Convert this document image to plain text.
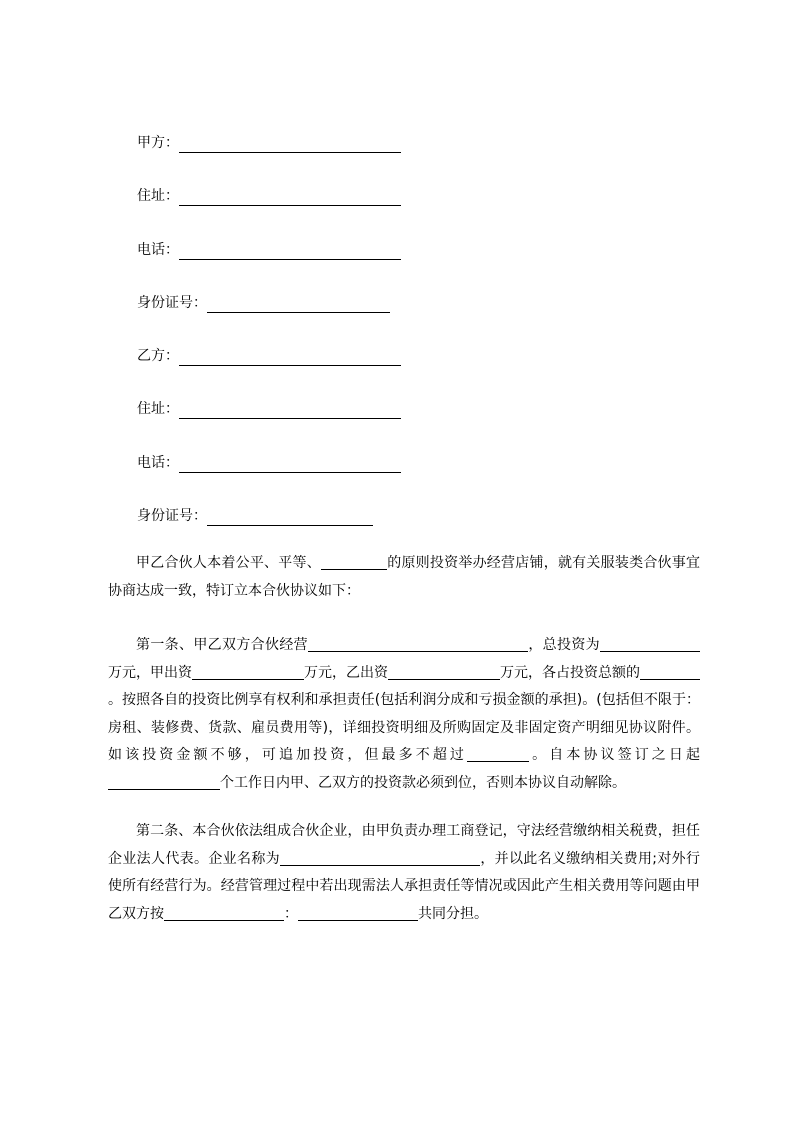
甲方：
住址：
电话：
身份证号：
乙方：
住址：
电话：
身份证号：

甲乙合伙人本着公平、平等、	的原则投资举办经营店铺，就有关服装类合伙事宜协商达成一致，特订立本合伙协议如下：

第一条、甲乙双方合伙经营	，总投资为万元，甲出资	万元，乙出资	万元，各占投资总额的。按照各自的投资比例享有权利和承担责任(包括利润分成和亏损金额的承担)。(包括但不限于：房租、装修费、货款、雇员费用等)，详细投资明细及所购固定及非固定资产明细见协议附件。如该投资金额不够，可追加投资，但最多不超过	。自本协议签订之日起个工作日内甲、乙双方的投资款必须到位，否则本协议自动解除。

第二条、本合伙依法组成合伙企业，由甲负责办理工商登记，守法经营缴纳相关税费，担任企业法人代表。企业名称为	，并以此名义缴纳相关费用;对外行使所有经营行为。经营管理过程中若出现需法人承担责任等情况或因此产生相关费用等问题由甲乙双方按	：	共同分担。
